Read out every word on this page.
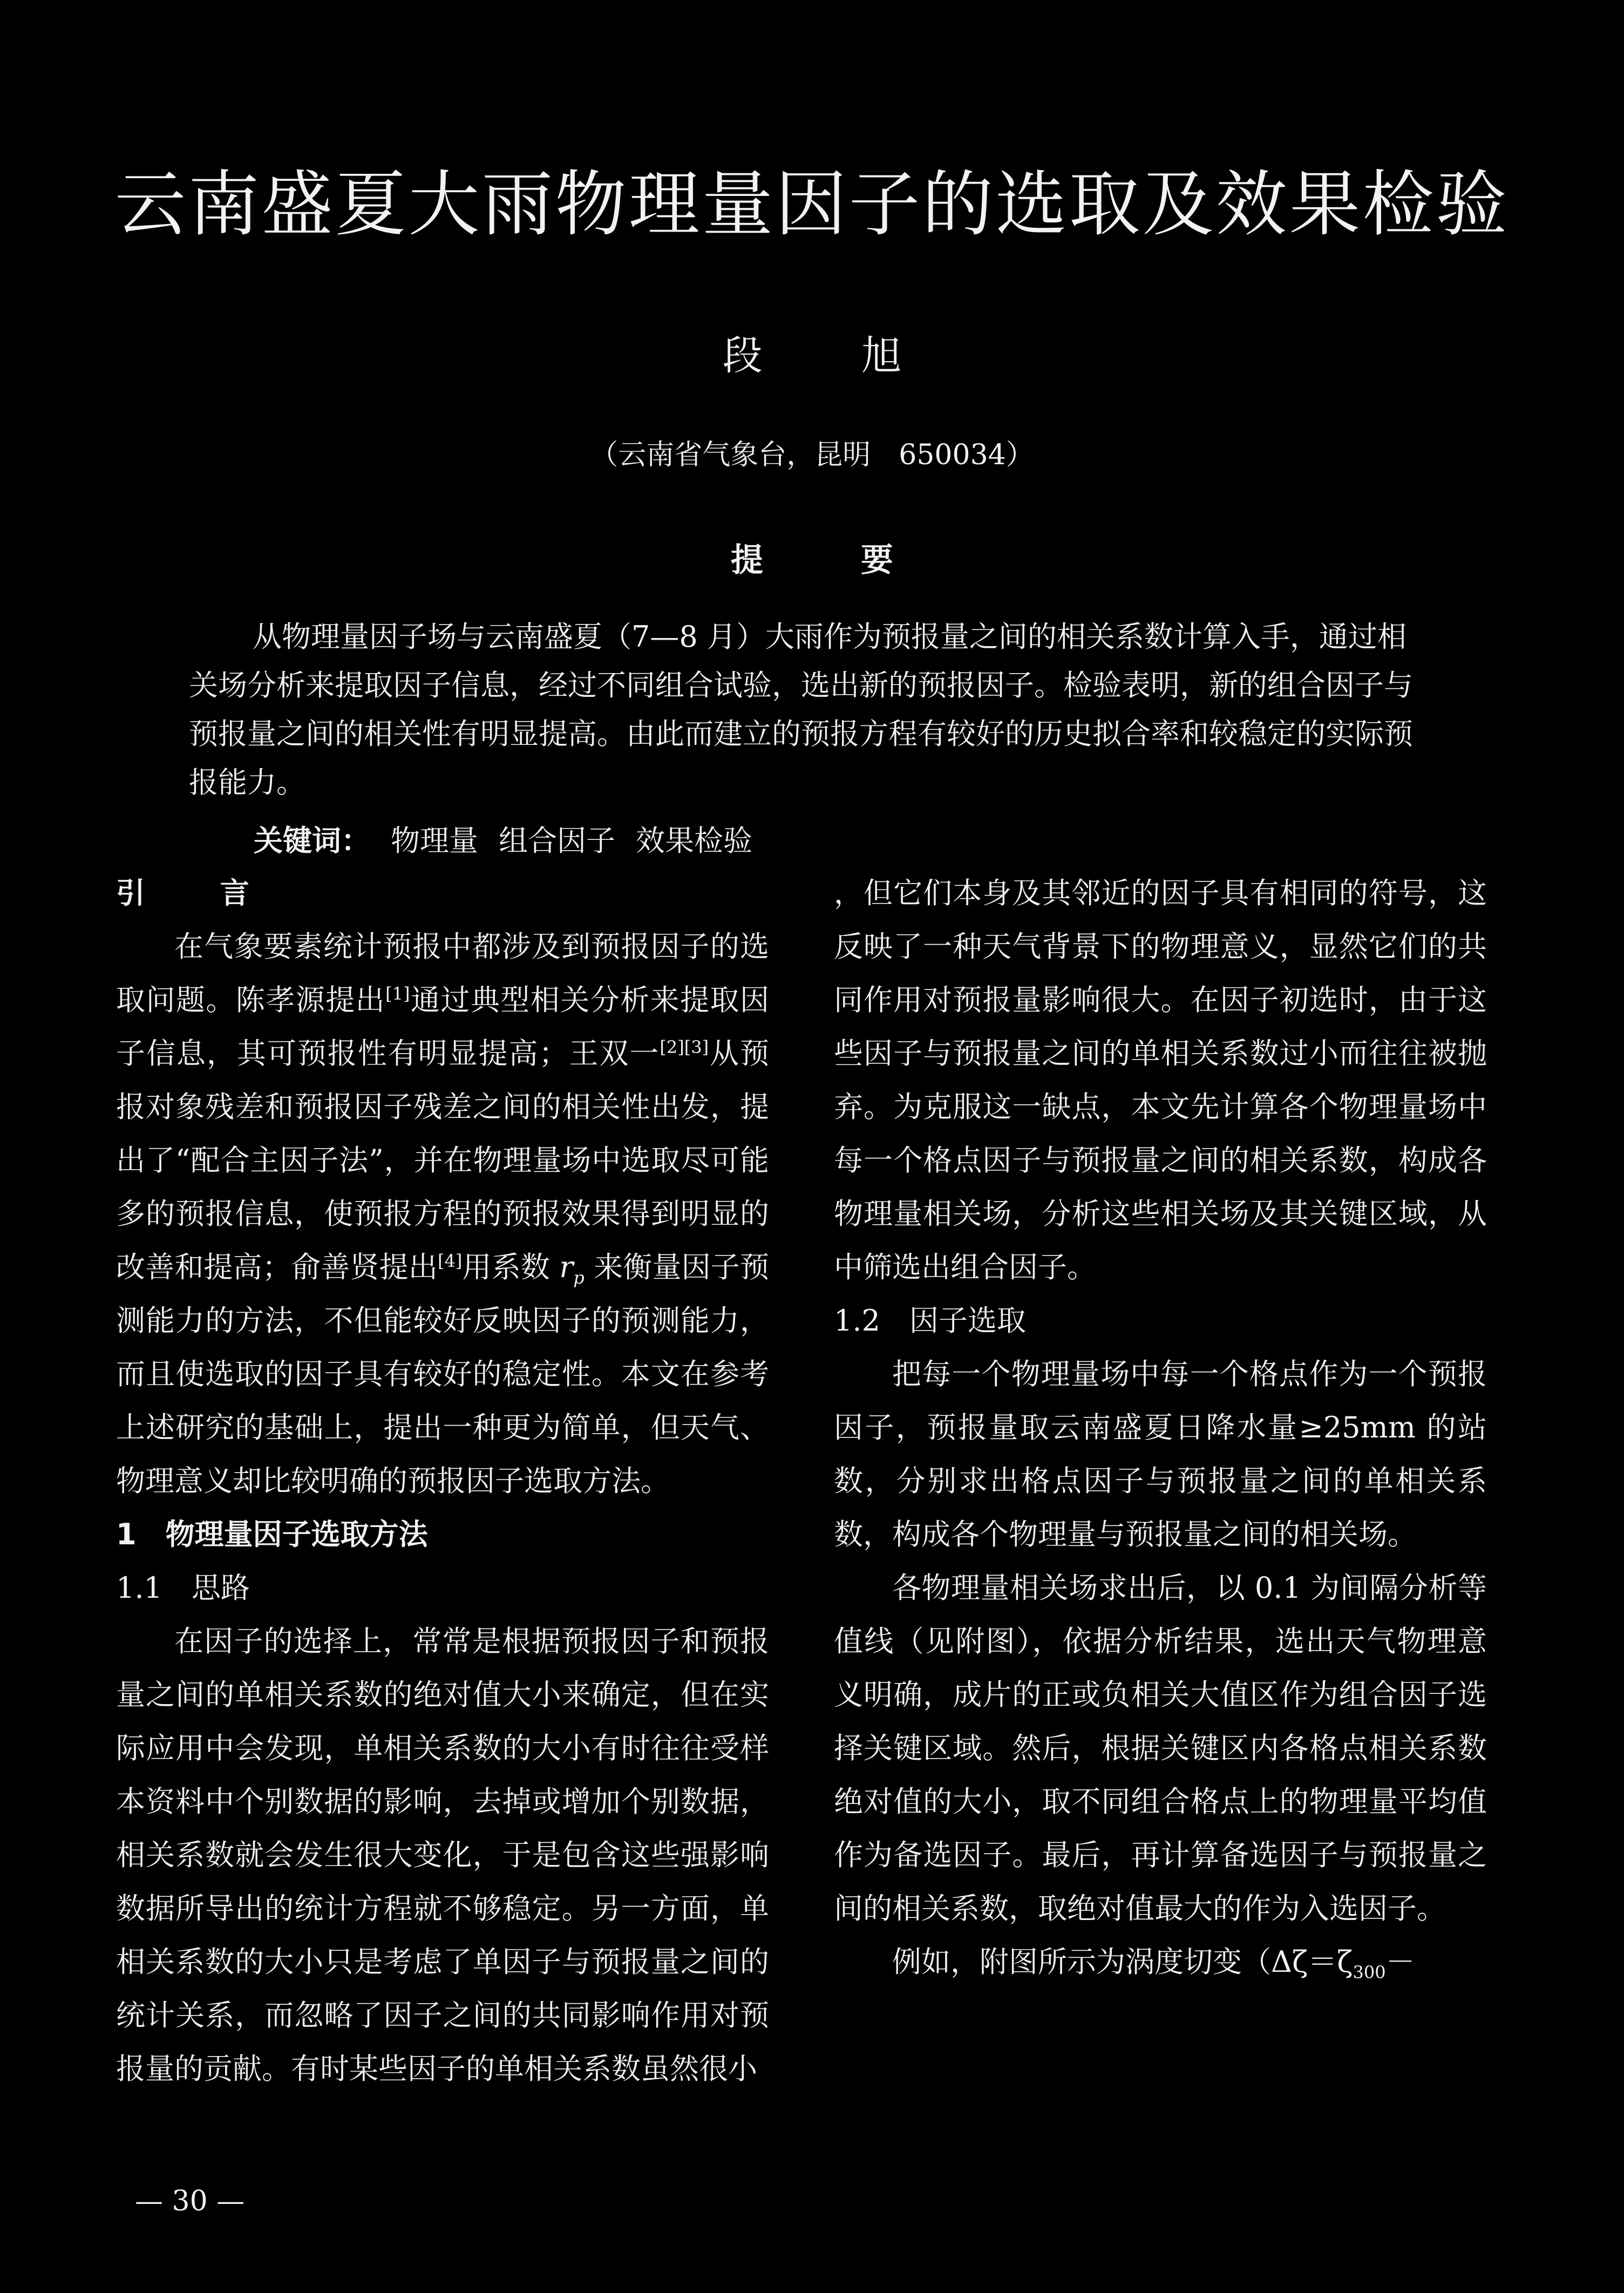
云南盛夏大雨物理量因子的选取及效果检验
段 旭
（云南省气象台，昆明　650034）
提 要
从物理量因子场与云南盛夏（7—8 月）大雨作为预报量之间的相关系数计算入手，通过相关场分析来提取因子信息，经过不同组合试验，选出新的预报因子。检验表明，新的组合因子与预报量之间的相关性有明显提高。由此而建立的预报方程有较好的历史拟合率和较稳定的实际预报能力。
关键词： 物理量 组合因子 效果检验

引 言

在气象要素统计预报中都涉及到预报因子的选取问题。陈孝源提出[1]通过典型相关分析来提取因子信息，其可预报性有明显提高；王双一[2][3]从预报对象残差和预报因子残差之间的相关性出发，提出了“配合主因子法”，并在物理量场中选取尽可能多的预报信息，使预报方程的预报效果得到明显的改善和提高；俞善贤提出[4]用系数 $r_p$ 来衡量因子预测能力的方法，不但能较好反映因子的预测能力，而且使选取的因子具有较好的稳定性。本文在参考上述研究的基础上，提出一种更为简单，但天气、物理意义却比较明确的预报因子选取方法。

1　物理量因子选取方法

1.1　思路

在因子的选择上，常常是根据预报因子和预报量之间的单相关系数的绝对值大小来确定，但在实际应用中会发现，单相关系数的大小有时往往受样本资料中个别数据的影响，去掉或增加个别数据，相关系数就会发生很大变化，于是包含这些强影响数据所导出的统计方程就不够稳定。另一方面，单相关系数的大小只是考虑了单因子与预报量之间的统计关系，而忽略了因子之间的共同影响作用对预报量的贡献。有时某些因子的单相关系数虽然很小

，但它们本身及其邻近的因子具有相同的符号，这反映了一种天气背景下的物理意义，显然它们的共同作用对预报量影响很大。在因子初选时，由于这些因子与预报量之间的单相关系数过小而往往被抛弃。为克服这一缺点，本文先计算各个物理量场中每一个格点因子与预报量之间的相关系数，构成各物理量相关场，分析这些相关场及其关键区域，从中筛选出组合因子。

1.2　因子选取

把每一个物理量场中每一个格点作为一个预报因子，预报量取云南盛夏日降水量≥25mm 的站数，分别求出格点因子与预报量之间的单相关系数，构成各个物理量与预报量之间的相关场。

各物理量相关场求出后，以 0.1 为间隔分析等值线（见附图），依据分析结果，选出天气物理意义明确，成片的正或负相关大值区作为组合因子选择关键区域。然后，根据关键区内各格点相关系数绝对值的大小，取不同组合格点上的物理量平均值作为备选因子。最后，再计算备选因子与预报量之间的相关系数，取绝对值最大的作为入选因子。

例如，附图所示为涡度切变（$\Delta\zeta=\zeta_{300}-$

— 30 —
